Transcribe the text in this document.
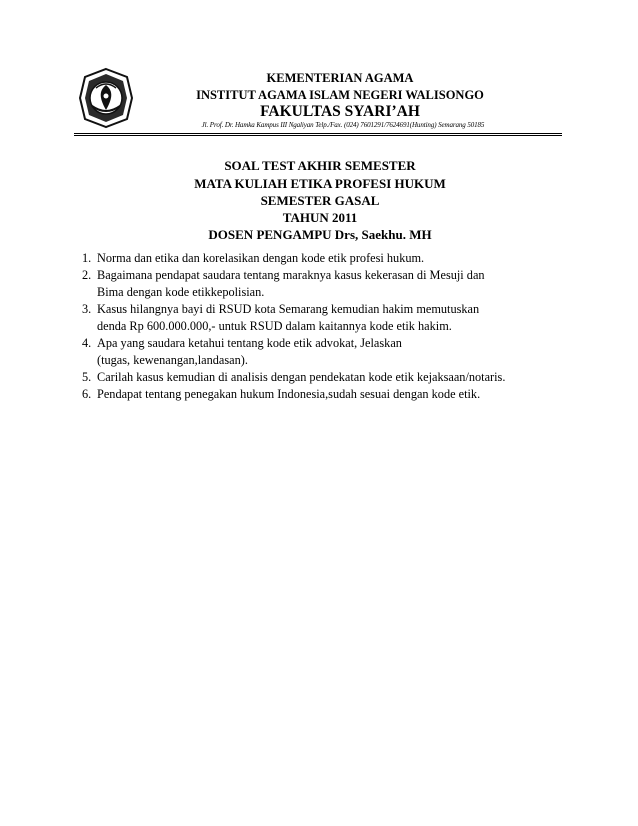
KEMENTERIAN AGAMA
INSTITUT AGAMA ISLAM NEGERI WALISONGO
FAKULTAS SYARI’AH
Jl. Prof. Dr. Hamka Kampus III Ngaliyan Telp./Fax. (024) 7601291/7624691(Hunting) Semarang 50185
SOAL TEST AKHIR SEMESTER
MATA KULIAH ETIKA PROFESI HUKUM
SEMESTER GASAL
TAHUN 2011
DOSEN PENGAMPU Drs, Saekhu. MH
1. Norma dan etika dan korelasikan dengan kode etik profesi hukum.
2. Bagaimana pendapat saudara tentang maraknya kasus kekerasan di Mesuji dan
Bima dengan kode etikkepolisian.
3. Kasus hilangnya bayi di RSUD kota Semarang kemudian hakim memutuskan
denda Rp 600.000.000,- untuk RSUD dalam kaitannya kode etik hakim.
4. Apa yang saudara ketahui tentang kode etik advokat, Jelaskan
(tugas, kewenangan,landasan).
5. Carilah kasus kemudian di analisis dengan pendekatan kode etik kejaksaan/notaris.
6. Pendapat tentang penegakan hukum Indonesia,sudah sesuai dengan kode etik.
